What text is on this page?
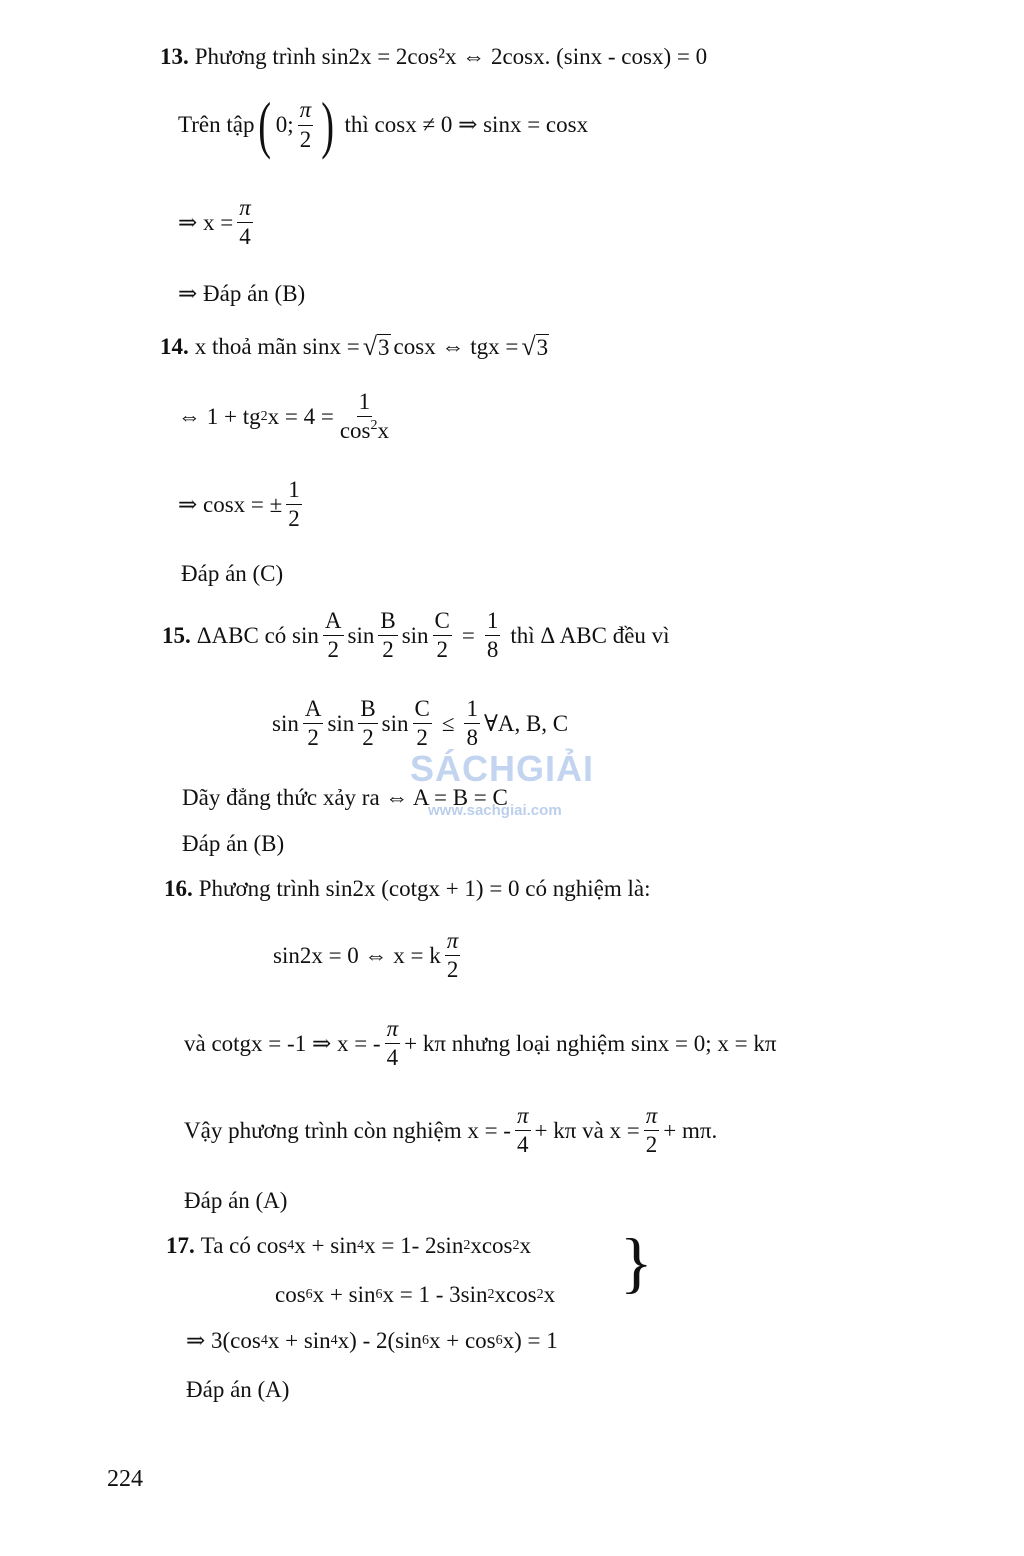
13. Phương trình sin2x = 2cos²x ⇔ 2cosx. (sinx - cosx) = 0
Trên tập ( 0; $\frac{\pi}{2}$ ) thì cosx ≠ 0 ⇒ sinx = cosx
⇒ $x = \frac{\pi}{4}$
⇒ Đáp án (B)
14. x thoả mãn sinx = √ 3 cosx ⇔ tgx = √ 3
⇔ 1 + tg 2 $x = 4 = \frac{1}{\cos^2x}$
⇒ cosx = ± $\frac{1}{2}$
Đáp án (C)
15. ΔABC có $\sin \frac{A}{2}$ $\sin \frac{B}{2}$ $\sin \frac{C}{2} = \frac{1}{8}$ thì Δ ABC đều vì
$\sin \frac{A}{2}$ $\sin \frac{B}{2}$ $\sin \frac{C}{2} \le \frac{1}{8}$ ∀A, B, C
Dãy đẳng thức xảy ra ⇔ A = B = C
Đáp án (B)
SÁCHGIẢI
www.sachgiai.com
16. Phương trình sin2x (cotgx + 1) = 0 có nghiệm là:
sin2x = 0 ⇔ x = k $\frac{\pi}{2}$
và cotgx = -1 ⇒ x = - $\frac{\pi}{4} + k\pi$ nhưng loại nghiệm sinx = 0; x = kπ
Vậy phương trình còn nghiệm x = - $\frac{\pi}{4} + k\pi$ và $x = \frac{\pi}{2} + m\pi$.
Đáp án (A)
17. Ta có cos 4 x + sin 4 x = 1- 2sin 2 xcos 2 x
cos 6 x + sin 6 x = 1 - 3sin 2 xcos 2 x }
⇒ 3(cos 4 x + sin 4 x) - 2(sin 6 x + cos 6 x) = 1
Đáp án (A)
224
